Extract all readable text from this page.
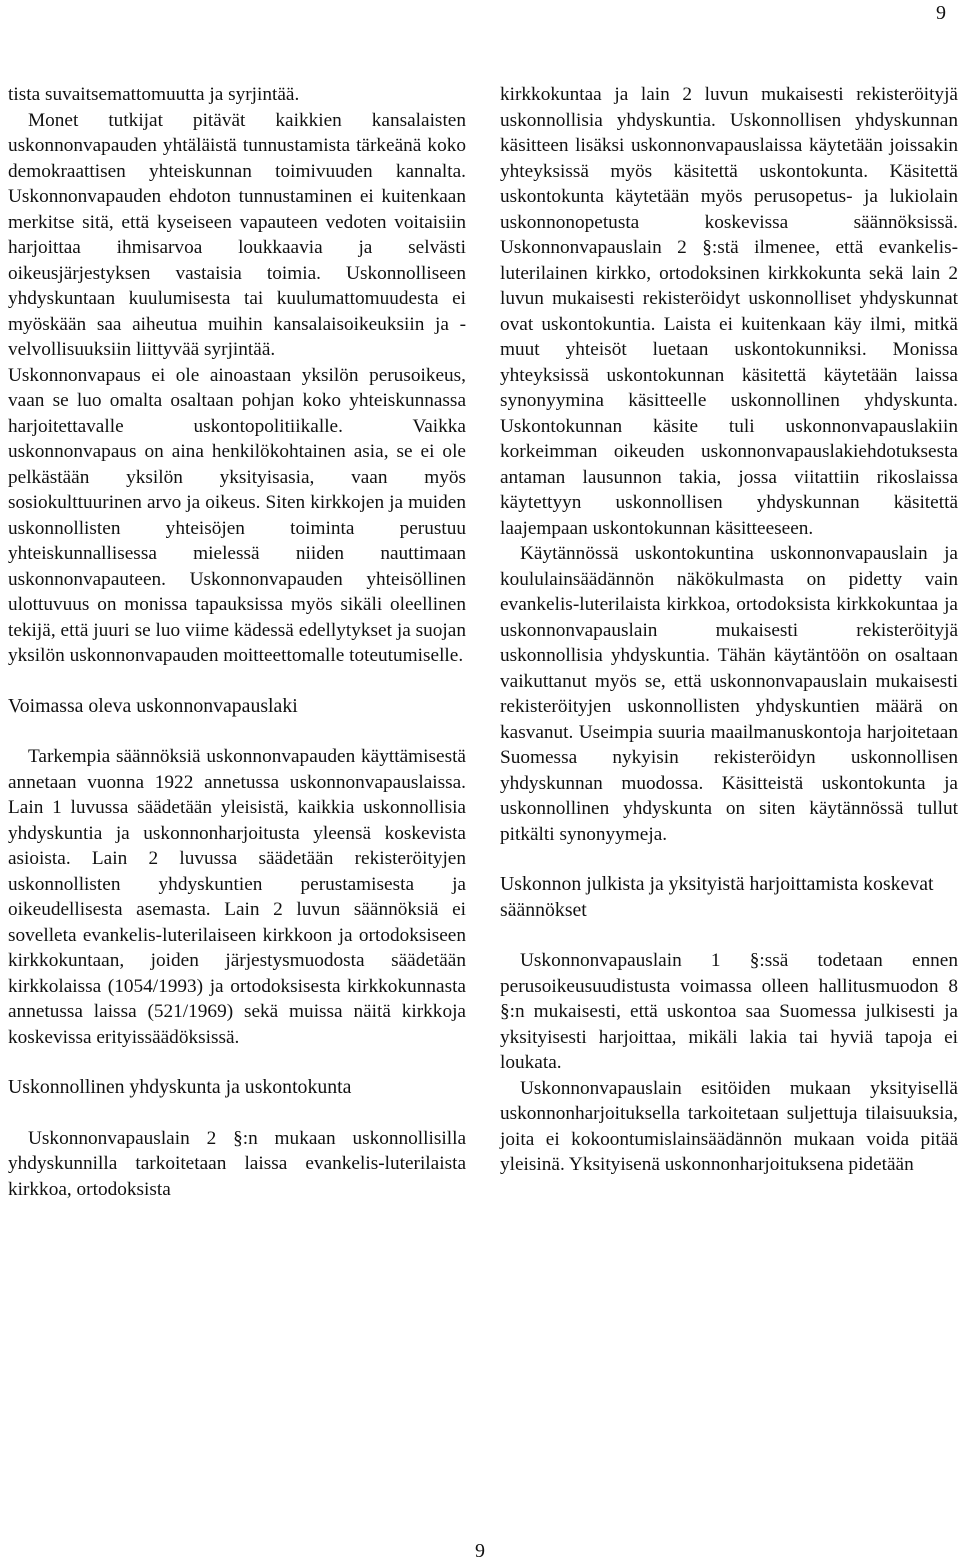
9

tista suvaitsemattomuutta ja syrjintää.

Monet tutkijat pitävät kaikkien kansalaisten uskonnonvapauden yhtäläistä tunnustamista tärkeänä koko demokraattisen yhteiskunnan toimivuuden kannalta. Uskonnonvapauden ehdoton tunnustaminen ei kuitenkaan merkitse sitä, että kyseiseen vapauteen vedoten voitaisiin harjoittaa ihmisarvoa loukkaavia ja selvästi oikeusjärjestyksen vastaisia toimia. Uskonnolliseen yhdyskuntaan kuulumisesta tai kuulumattomuudesta ei myöskään saa aiheutua muihin kansalaisoikeuksiin ja -velvollisuuksiin liittyvää syrjintää.

Uskonnonvapaus ei ole ainoastaan yksilön perusoikeus, vaan se luo omalta osaltaan pohjan koko yhteiskunnassa harjoitettavalle uskontopolitiikalle. Vaikka uskonnonvapaus on aina henkilökohtainen asia, se ei ole pelkästään yksilön yksityisasia, vaan myös sosiokulttuurinen arvo ja oikeus. Siten kirkkojen ja muiden uskonnollisten yhteisöjen toiminta perustuu yhteiskunnallisessa mielessä niiden nauttimaan uskonnonvapauteen. Uskonnonvapauden yhteisöllinen ulottuvuus on monissa tapauksissa myös sikäli oleellinen tekijä, että juuri se luo viime kädessä edellytykset ja suojan yksilön uskonnonvapauden moitteettomalle toteutumiselle.

Voimassa oleva uskonnonvapauslaki

Tarkempia säännöksiä uskonnonvapauden käyttämisestä annetaan vuonna 1922 annetussa uskonnonvapauslaissa. Lain 1 luvussa säädetään yleisistä, kaikkia uskonnollisia yhdyskuntia ja uskonnonharjoitusta yleensä koskevista asioista. Lain 2 luvussa säädetään rekisteröityjen uskonnollisten yhdyskuntien perustamisesta ja oikeudellisesta asemasta. Lain 2 luvun säännöksiä ei sovelleta evankelis-luterilaiseen kirkkoon ja ortodoksiseen kirkkokuntaan, joiden järjestysmuodosta säädetään kirkkolaissa (1054/1993) ja ortodoksisesta kirkkokunnasta annetussa laissa (521/1969) sekä muissa näitä kirkkoja koskevissa erityissäädöksissä.

Uskonnollinen yhdyskunta ja uskontokunta

Uskonnonvapauslain 2 §:n mukaan uskonnollisilla yhdyskunnilla tarkoitetaan laissa evankelis-luterilaista kirkkoa, ortodoksista

kirkkokuntaa ja lain 2 luvun mukaisesti rekisteröityjä uskonnollisia yhdyskuntia. Uskonnollisen yhdyskunnan käsitteen lisäksi uskonnonvapauslaissa käytetään joissakin yhteyksissä myös käsitettä uskontokunta. Käsitettä uskontokunta käytetään myös perusopetus- ja lukiolain uskonnonopetusta koskevissa säännöksissä. Uskonnonvapauslain 2 §:stä ilmenee, että evankelis-luterilainen kirkko, ortodoksinen kirkkokunta sekä lain 2 luvun mukaisesti rekisteröidyt uskonnolliset yhdyskunnat ovat uskontokuntia. Laista ei kuitenkaan käy ilmi, mitkä muut yhteisöt luetaan uskontokunniksi. Monissa yhteyksissä uskontokunnan käsitettä käytetään laissa synonyymina käsitteelle uskonnollinen yhdyskunta. Uskontokunnan käsite tuli uskonnonvapauslakiin korkeimman oikeuden uskonnonvapauslakiehdotuksesta antaman lausunnon takia, jossa viitattiin rikoslaissa käytettyyn uskonnollisen yhdyskunnan käsitettä laajempaan uskontokunnan käsitteeseen.

Käytännössä uskontokuntina uskonnonvapauslain ja koululainsäädännön näkökulmasta on pidetty vain evankelis-luterilaista kirkkoa, ortodoksista kirkkokuntaa ja uskonnonvapauslain mukaisesti rekisteröityjä uskonnollisia yhdyskuntia. Tähän käytäntöön on osaltaan vaikuttanut myös se, että uskonnonvapauslain mukaisesti rekisteröityjen uskonnollisten yhdyskuntien määrä on kasvanut. Useimpia suuria maailmanuskontoja harjoitetaan Suomessa nykyisin rekisteröidyn uskonnollisen yhdyskunnan muodossa. Käsitteistä uskontokunta ja uskonnollinen yhdyskunta on siten käytännössä tullut pitkälti synonyymeja.

Uskonnon julkista ja yksityistä harjoittamista koskevat säännökset

Uskonnonvapauslain 1 §:ssä todetaan ennen perusoikeusuudistusta voimassa olleen hallitusmuodon 8 §:n mukaisesti, että uskontoa saa Suomessa julkisesti ja yksityisesti harjoittaa, mikäli lakia tai hyviä tapoja ei loukata.

Uskonnonvapauslain esitöiden mukaan yksityisellä uskonnonharjoituksella tarkoitetaan suljettuja tilaisuuksia, joita ei kokoontumislainsäädännön mukaan voida pitää yleisinä. Yksityisenä uskonnonharjoituksena pidetään

9
